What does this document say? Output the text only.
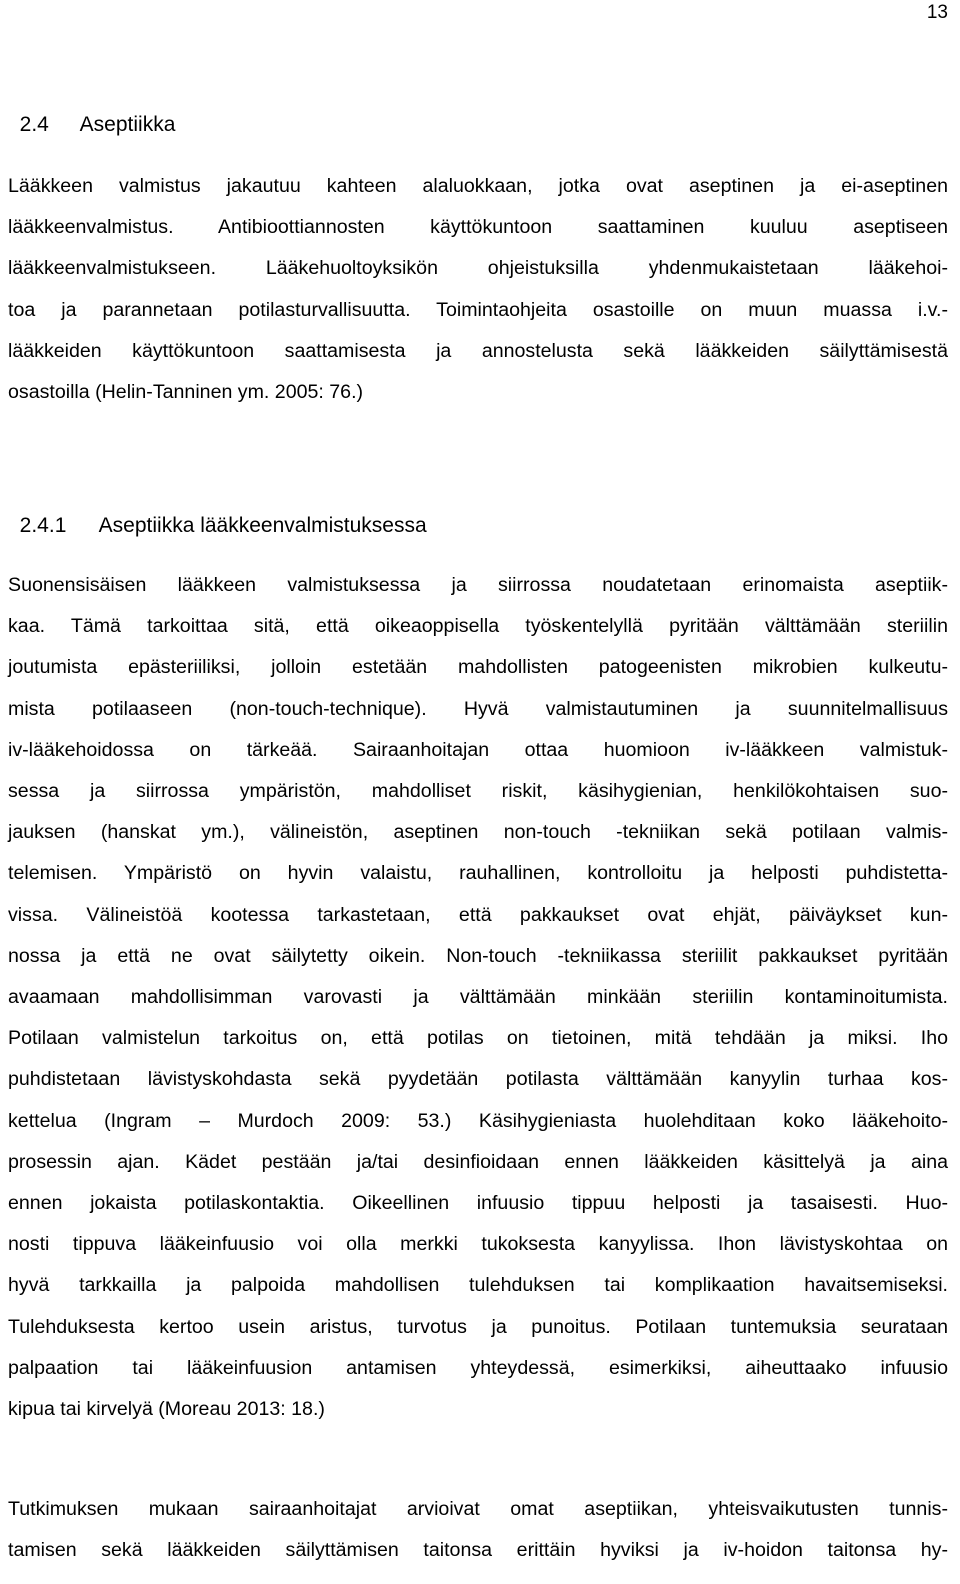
13

2.4 Aseptiikka

Lääkkeen valmistus jakautuu kahteen alaluokkaan, jotka ovat aseptinen ja ei-aseptinen
lääkkeenvalmistus. Antibioottiannosten käyttökuntoon saattaminen kuuluu aseptiseen
lääkkeenvalmistukseen. Lääkehuoltoyksikön ohjeistuksilla yhdenmukaistetaan lääkehoi-
toa ja parannetaan potilasturvallisuutta. Toimintaohjeita osastoille on muun muassa i.v.-
lääkkeiden käyttökuntoon saattamisesta ja annostelusta sekä lääkkeiden säilyttämisestä
osastoilla (Helin-Tanninen ym. 2005: 76.)

2.4.1 Aseptiikka lääkkeenvalmistuksessa

Suonensisäisen lääkkeen valmistuksessa ja siirrossa noudatetaan erinomaista aseptiik-
kaa. Tämä tarkoittaa sitä, että oikeaoppisella työskentelyllä pyritään välttämään steriilin
joutumista epästeriiliksi, jolloin estetään mahdollisten patogeenisten mikrobien kulkeutu-
mista potilaaseen (non-touch-technique). Hyvä valmistautuminen ja suunnitelmallisuus
iv-lääkehoidossa on tärkeää. Sairaanhoitajan ottaa huomioon iv-lääkkeen valmistuk-
sessa ja siirrossa ympäristön, mahdolliset riskit, käsihygienian, henkilökohtaisen suo-
jauksen (hanskat ym.), välineistön, aseptinen non-touch -tekniikan sekä potilaan valmis-
telemisen. Ympäristö on hyvin valaistu, rauhallinen, kontrolloitu ja helposti puhdistetta-
vissa. Välineistöä kootessa tarkastetaan, että pakkaukset ovat ehjät, päiväykset kun-
nossa ja että ne ovat säilytetty oikein. Non-touch -tekniikassa steriilit pakkaukset pyritään
avaamaan mahdollisimman varovasti ja välttämään minkään steriilin kontaminoitumista.
Potilaan valmistelun tarkoitus on, että potilas on tietoinen, mitä tehdään ja miksi. Iho
puhdistetaan lävistyskohdasta sekä pyydetään potilasta välttämään kanyylin turhaa kos-
kettelua (Ingram – Murdoch 2009: 53.) Käsihygieniasta huolehditaan koko lääkehoito-
prosessin ajan. Kädet pestään ja/tai desinfioidaan ennen lääkkeiden käsittelyä ja aina
ennen jokaista potilaskontaktia. Oikeellinen infuusio tippuu helposti ja tasaisesti. Huo-
nosti tippuva lääkeinfuusio voi olla merkki tukoksesta kanyylissa. Ihon lävistyskohtaa on
hyvä tarkkailla ja palpoida mahdollisen tulehduksen tai komplikaation havaitsemiseksi.
Tulehduksesta kertoo usein aristus, turvotus ja punoitus. Potilaan tuntemuksia seurataan
palpaation tai lääkeinfuusion antamisen yhteydessä, esimerkiksi, aiheuttaako infuusio
kipua tai kirvelyä (Moreau 2013: 18.)
Tutkimuksen mukaan sairaanhoitajat arvioivat omat aseptiikan, yhteisvaikutusten tunnis-
tamisen sekä lääkkeiden säilyttämisen taitonsa erittäin hyviksi ja iv-hoidon taitonsa hy-
